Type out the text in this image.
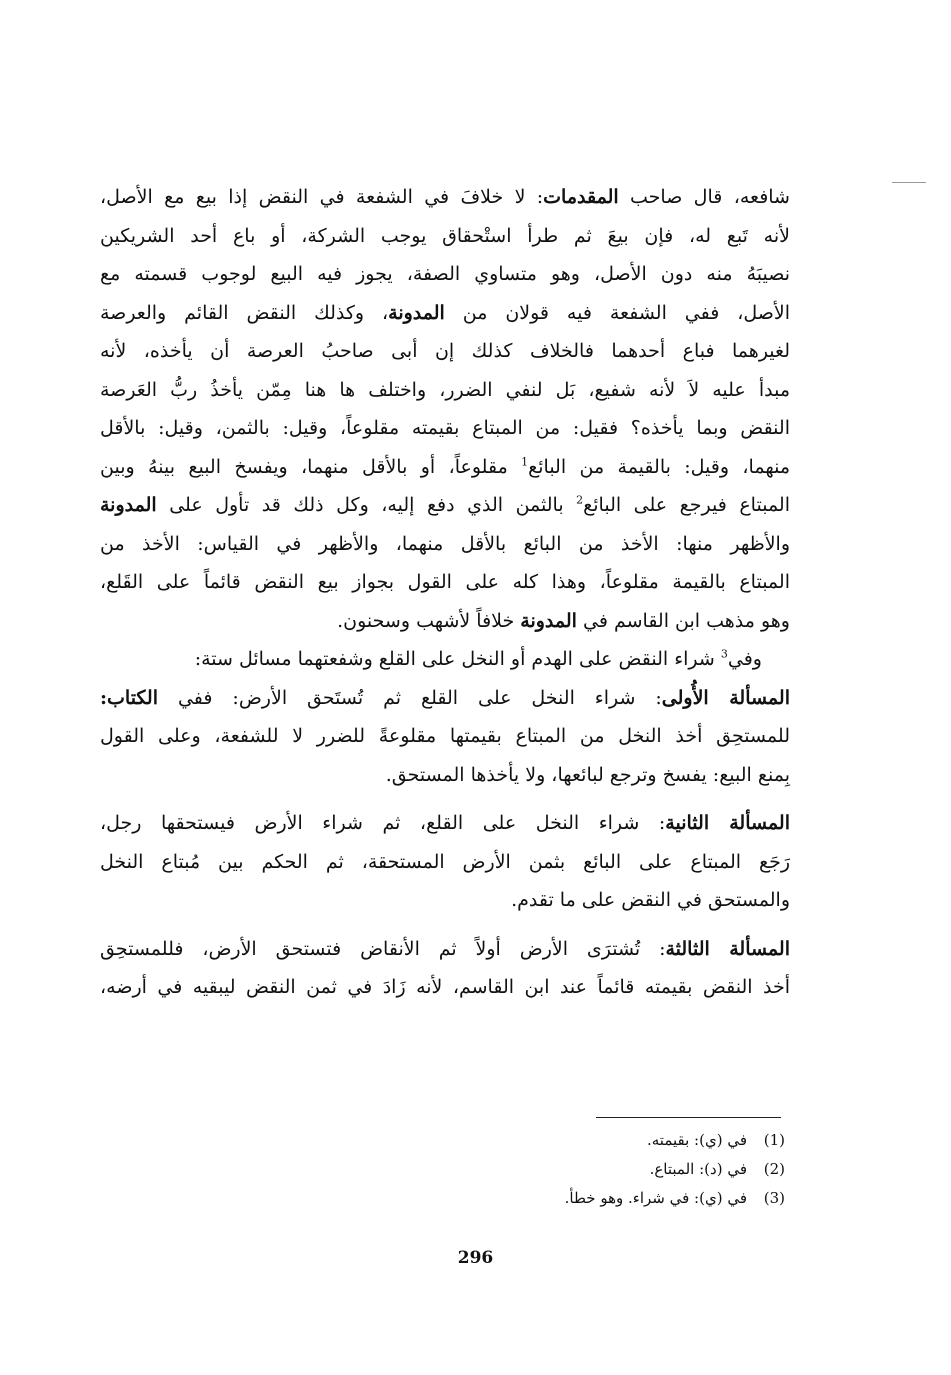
شافعه، قال صاحب المقدمات: لا خلافَ في الشفعة في النقض إذا بيع مع الأصل،
لأنه تَبع له، فإن بيعَ ثم طرأ استْحقاق يوجب الشركة، أو باع أحد الشريكين
نصيبَهُ منه دون الأصل، وهو متساوي الصفة، يجوز فيه البيع لوجوب قسمته مع
الأصل، ففي الشفعة فيه قولان من المدونة، وكذلك النقض القائم والعرصة
لغيرهما فباع أحدهما فالخلاف كذلك إن أبى صاحبُ العرصة أن يأخذه، لأنه
مبدأ عليه لاَ لأنه شفيع، بَل لنفي الضرر، واختلف ها هنا مِمّن يأخذُ ربُّ العَرصة
النقض وبما يأخذه؟ فقيل: من المبتاع بقيمته مقلوعاً، وقيل: بالثمن، وقيل: بالأقل
منهما، وقيل: بالقيمة من البائع$^1$ مقلوعاً، أو بالأقل منهما، ويفسخ البيع بينهُ وبين
المبتاع فيرجع على البائع$^2$ بالثمن الذي دفع إليه، وكل ذلك قد تأول على المدونة
والأظهر منها: الأخذ من البائع بالأقل منهما، والأظهر في القياس: الأخذ من
المبتاع بالقيمة مقلوعاً، وهذا كله على القول بجواز بيع النقض قائماً على القَلع،
وهو مذهب ابن القاسم في المدونة خلافاً لأشهب وسحنون.
وفي$^3$ شراء النقض على الهدم أو النخل على القلع وشفعتهما مسائل ستة:
المسألة الأُولى: شراء النخل على القلع ثم تُستَحق الأرض: ففي الكتاب:
للمستحِق أخذ النخل من المبتاع بقيمتها مقلوعةً للضرر لا للشفعة، وعلى القول
بِمنع البيع: يفسخ وترجع لبائعها، ولا يأخذها المستحق.
المسألة الثانية: شراء النخل على القلع، ثم شراء الأرض فيستحقها رجل،
رَجَع المبتاع على البائع بثمن الأرض المستحقة، ثم الحكم بين مُبتاع النخل
والمستحق في النقض على ما تقدم.
المسألة الثالثة: تُشترَى الأرض أولاً ثم الأنقاض فتستحق الأرض، فللمستحِق
أخذ النقض بقيمته قائماً عند ابن القاسم، لأنه زَادَ في ثمن النقض ليبقيه في أرضه،
(1)في (ي): بقيمته.
(2)في (د): المبتاع.
(3)في (ي): في شراء. وهو خطأ.
296
